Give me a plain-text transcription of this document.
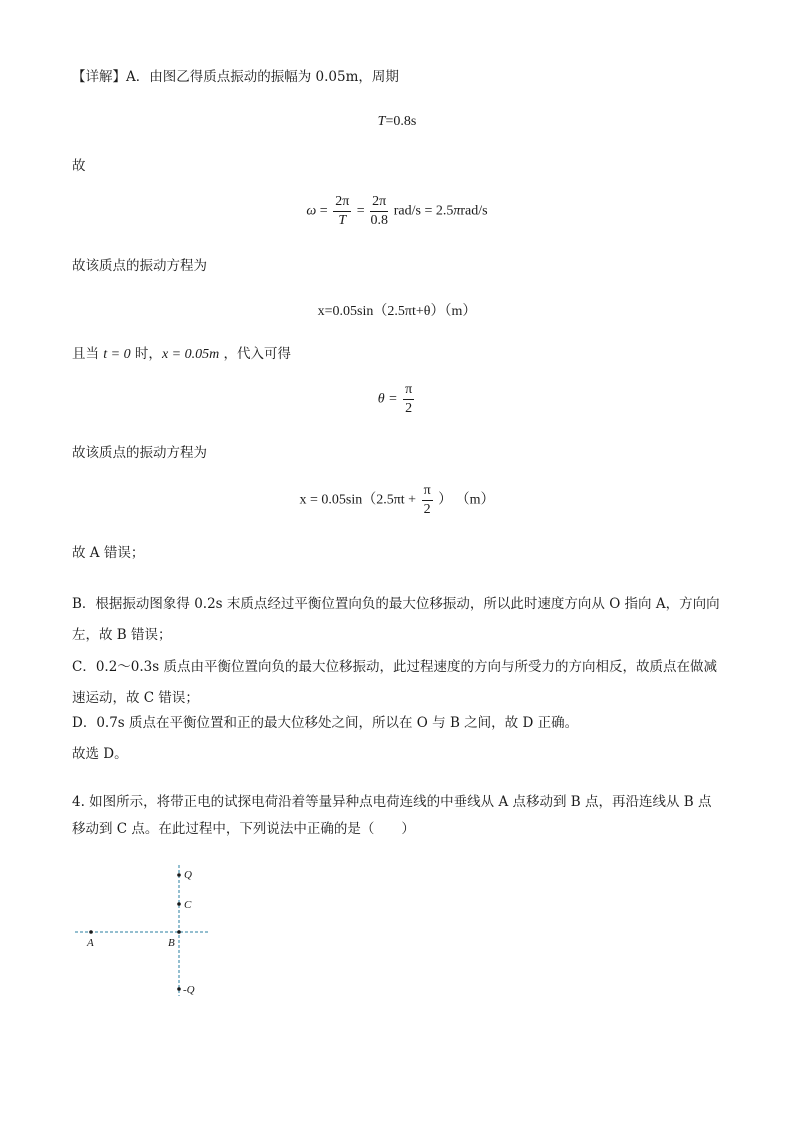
【详解】A．由图乙得质点振动的振幅为 0.05m，周期
T=0.8s
故
$\omega = \frac{2\pi}{T} = \frac{2\pi}{0.8} rad/s = 2.5\pi rad/s$
故该质点的振动方程为
x=0.05sin（2.5πt+θ）（m）
且当 t = 0 时，x = 0.05m ，代入可得
$\theta = \frac{\pi}{2}$
故该质点的振动方程为
$x = 0.05\sin(2.5\pi t + \frac{\pi}{2}$ ） （m）
故 A 错误；
B．根据振动图象得 0.2s 末质点经过平衡位置向负的最大位移振动，所以此时速度方向从 O 指向 A，方向向左，故 B 错误；
C．0.2～0.3s 质点由平衡位置向负的最大位移振动，此过程速度的方向与所受力的方向相反，故质点在做减速运动，故 C 错误；
D．0.7s 质点在平衡位置和正的最大位移处之间，所以在 O 与 B 之间，故 D 正确。
故选 D。
4. 如图所示，将带正电的试探电荷沿着等量异种点电荷连线的中垂线从 A 点移动到 B 点，再沿连线从 B 点移动到 C 点。在此过程中，下列说法中正确的是（　　）
Q
C
A	B
-Q
